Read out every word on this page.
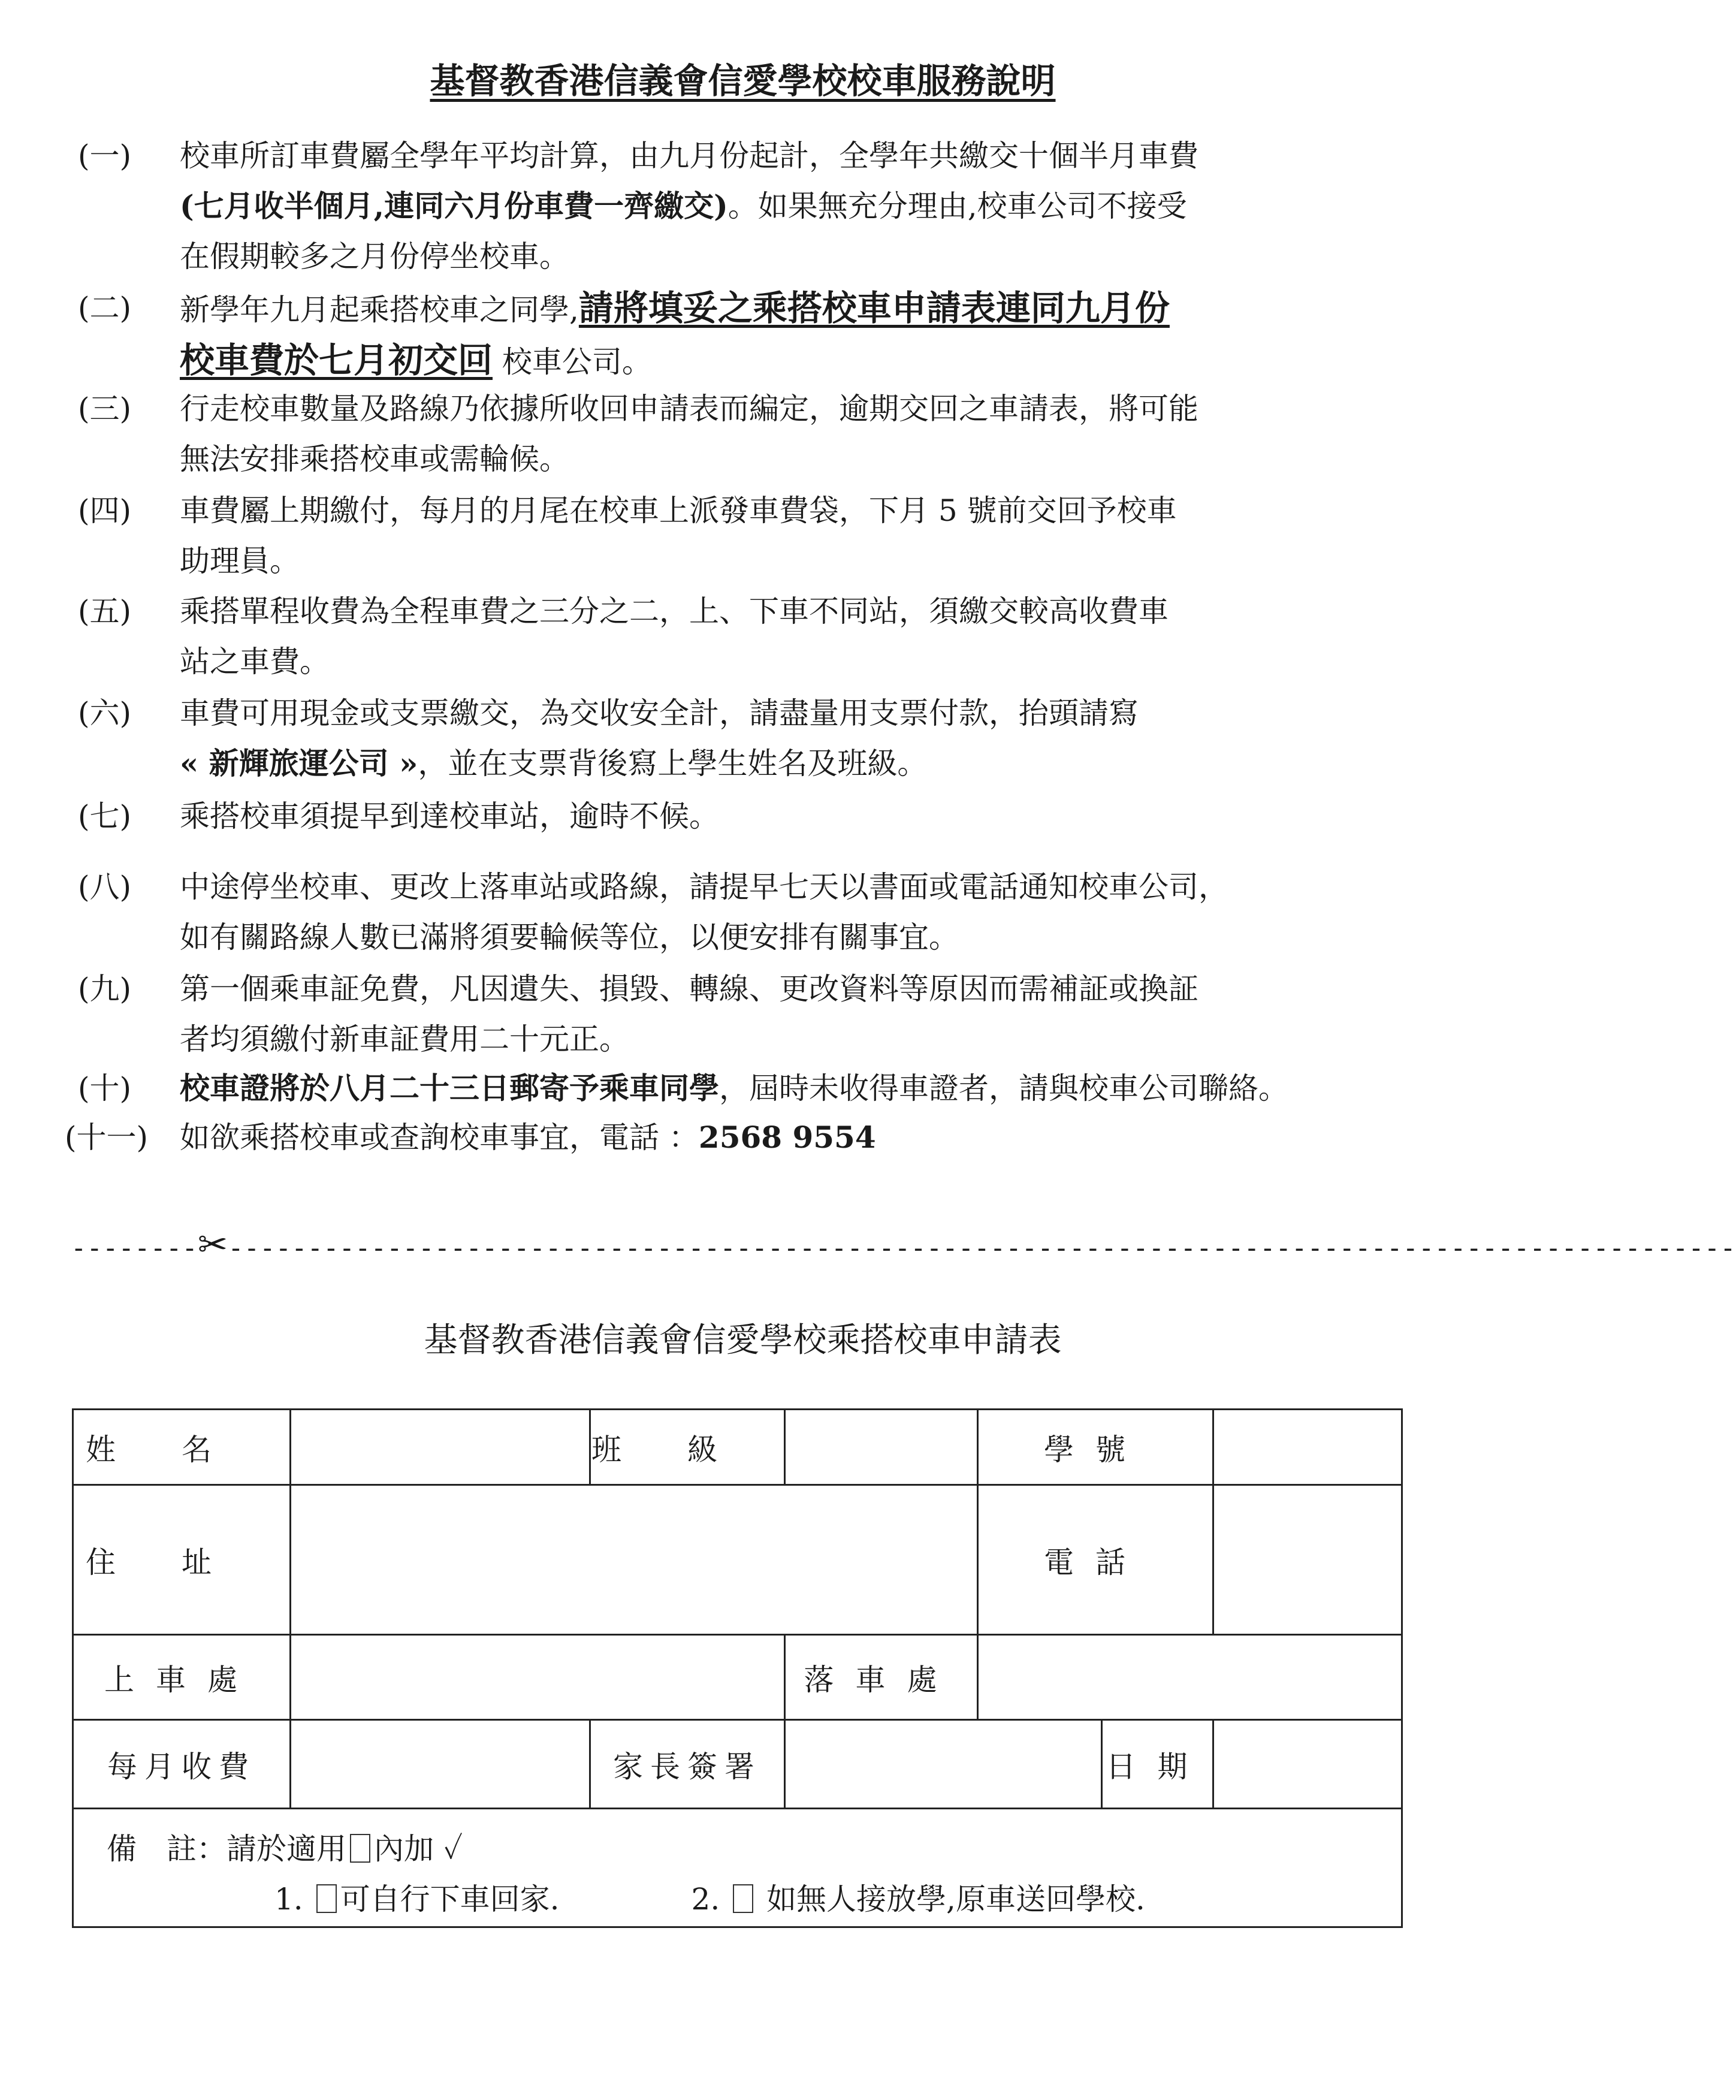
基督教香港信義會信愛學校校車服務說明
(一)	校車所訂車費屬全學年平均計算，由九月份起計，全學年共繳交十個半月車費
(七月收半個月,連同六月份車費一齊繳交)。如果無充分理由,校車公司不接受
在假期較多之月份停坐校車。
(二)	新學年九月起乘搭校車之同學,請將填妥之乘搭校車申請表連同九月份
校車費於七月初交回 校車公司。
(三)	行走校車數量及路線乃依據所收回申請表而編定，逾期交回之車請表，將可能
無法安排乘搭校車或需輪候。
(四)	車費屬上期繳付，每月的月尾在校車上派發車費袋，下月 5 號前交回予校車
助理員。
(五)	乘搭單程收費為全程車費之三分之二，上、下車不同站，須繳交較高收費車
站之車費。
(六)	車費可用現金或支票繳交，為交收安全計，請盡量用支票付款，抬頭請寫
« 新輝旅運公司 »，並在支票背後寫上學生姓名及班級。
(七)	乘搭校車須提早到達校車站，逾時不候。
(八)	中途停坐校車、更改上落車站或路線，請提早七天以書面或電話通知校車公司，
如有關路線人數已滿將須要輪候等位，以便安排有關事宜。
(九)	第一個乘車証免費，凡因遺失、損毀、轉線、更改資料等原因而需補証或換証
者均須繳付新車証費用二十元正。
(十)	校車證將於八月二十三日郵寄予乘車同學，屆時未收得車證者，請與校車公司聯絡。
(十一)	如欲乘搭校車或查詢校車事宜，電話 ：2568 9554
--------✂-----------------------------------------------------------------------------------------------
基督教香港信義會信愛學校乘搭校車申請表
姓名		班級		學號		
住址				電話		
上車處			落車處			
每月收費		家長簽署			日期	

備　註：請於適用 內加 ✓
1. 可自行下車回家. 2. 如無人接放學,原車送回學校.						
